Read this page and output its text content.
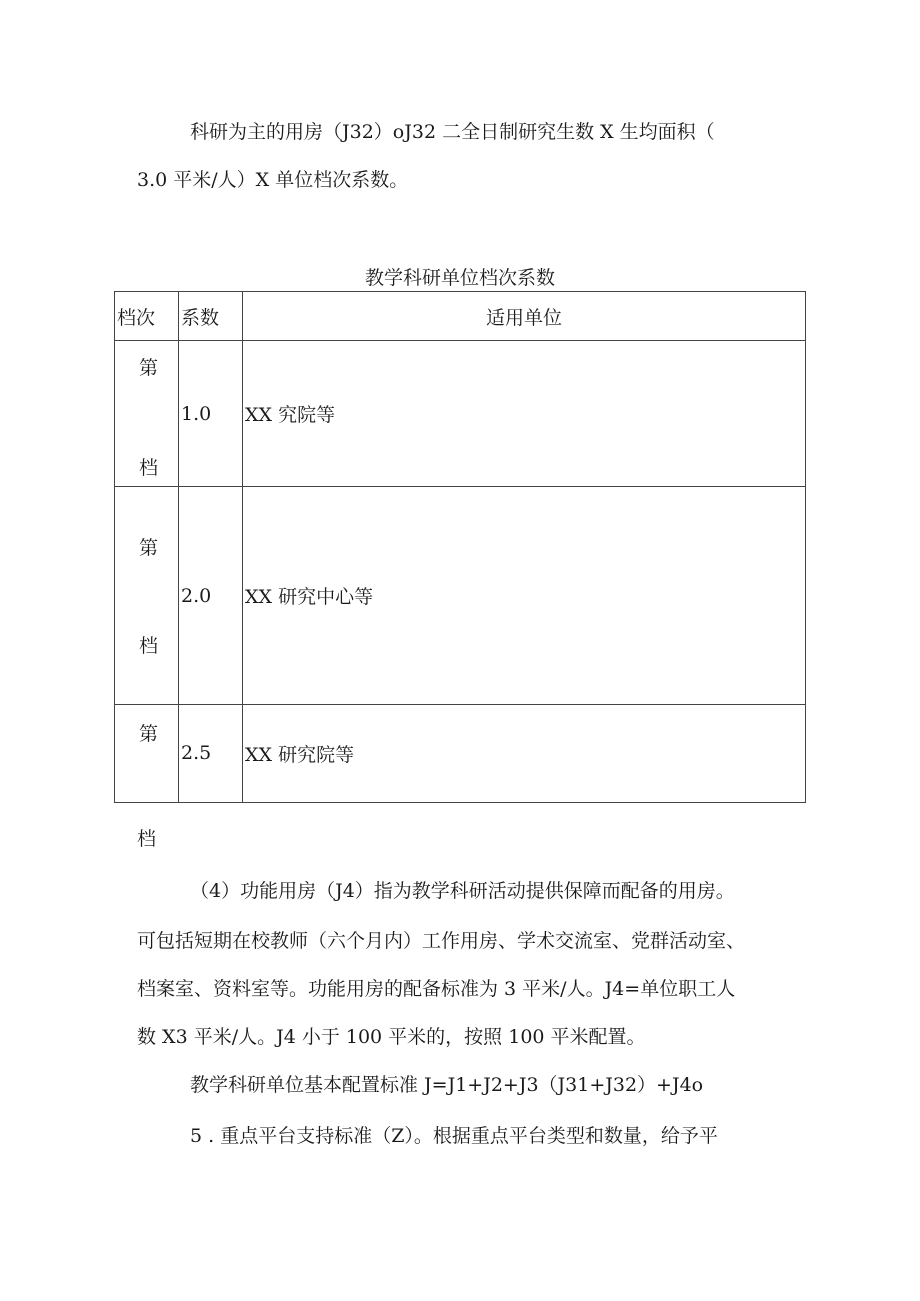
科研为主的用房（J32）oJ32 二全日制研究生数 X 生均面积（
3.0 平米/人）X 单位档次系数。
教学科研单位档次系数
档次	系数	适用单位

第
档	1.0	XX 究院等

第
档	2.0	XX 研究中心等

第	2.5	XX 研究院等
档
（4）功能用房（J4）指为教学科研活动提供保障而配备的用房。
可包括短期在校教师（六个月内）工作用房、学术交流室、党群活动室、
档案室、资料室等。功能用房的配备标准为 3 平米/人。J4=单位职工人
数 X3 平米/人。J4 小于 100 平米的，按照 100 平米配置。
教学科研单位基本配置标准 J=J1+J2+J3（J31+J32）+J4o
5 . 重点平台支持标准（Z）。根据重点平台类型和数量，给予平
